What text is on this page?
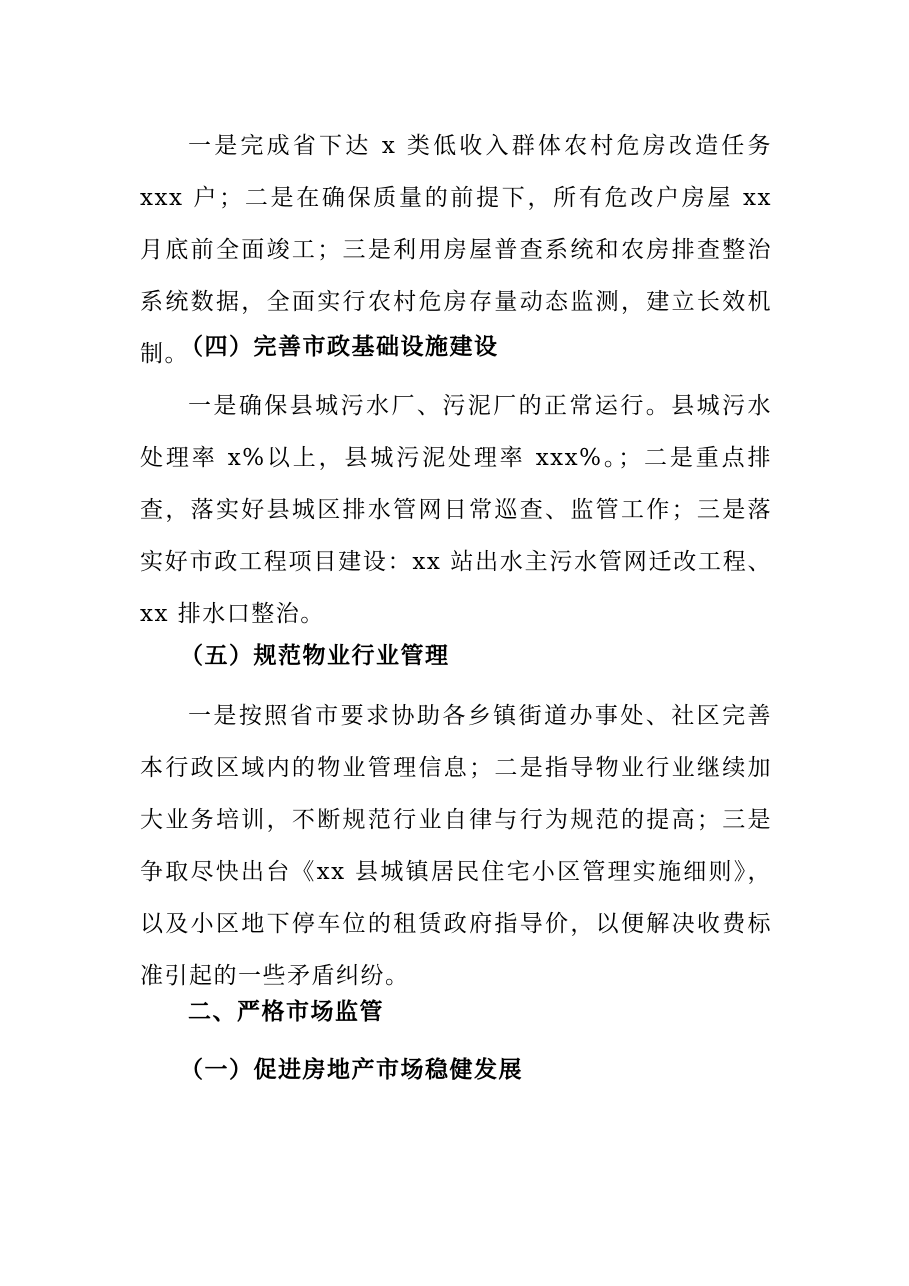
一是完成省下达 x 类低收入群体农村危房改造任务 xxx 户；二是在确保质量的前提下，所有危改户房屋 xx 月底前全面竣工；三是利用房屋普查系统和农房排查整治系统数据，全面实行农村危房存量动态监测，建立长效机制。

（四）完善市政基础设施建设

一是确保县城污水厂、污泥厂的正常运行。县城污水处理率 x%以上，县城污泥处理率 xxx%。；二是重点排查，落实好县城区排水管网日常巡查、监管工作；三是落实好市政工程项目建设：xx 站出水主污水管网迁改工程、xx 排水口整治。

（五）规范物业行业管理

一是按照省市要求协助各乡镇街道办事处、社区完善本行政区域内的物业管理信息；二是指导物业行业继续加大业务培训，不断规范行业自律与行为规范的提高；三是争取尽快出台《xx 县城镇居民住宅小区管理实施细则》，以及小区地下停车位的租赁政府指导价，以便解决收费标准引起的一些矛盾纠纷。

二、严格市场监管
（一）促进房地产市场稳健发展
